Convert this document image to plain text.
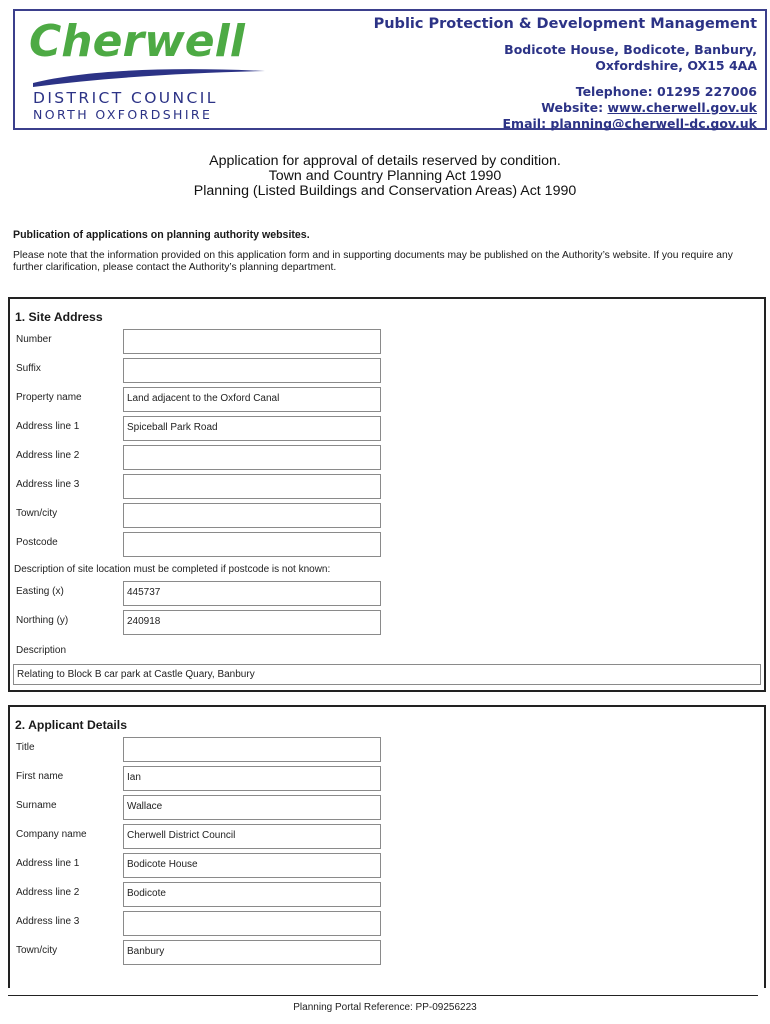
Cherwell
DISTRICT COUNCIL
NORTH OXFORDSHIRE
Public Protection & Development Management
Bodicote House, Bodicote, Banbury,
Oxfordshire, OX15 4AA
Telephone: 01295 227006
Website: www.cherwell.gov.uk
Email: planning@cherwell-dc.gov.uk
Application for approval of details reserved by condition.
Town and Country Planning Act 1990
Planning (Listed Buildings and Conservation Areas) Act 1990
Publication of applications on planning authority websites.
Please note that the information provided on this application form and in supporting documents may be published on the Authority’s website. If you require any further clarification, please contact the Authority’s planning department.
1. Site Address
Number
Suffix
Property name	Land adjacent to the Oxford Canal
Address line 1	Spiceball Park Road
Address line 2
Address line 3
Town/city
Postcode
Description of site location must be completed if postcode is not known:
Easting (x)	445737
Northing (y)	240918
Description
Relating to Block B car park at Castle Quary, Banbury
2. Applicant Details
Title
First name	Ian
Surname	Wallace
Company name	Cherwell District Council
Address line 1	Bodicote House
Address line 2	Bodicote
Address line 3
Town/city	Banbury
Planning Portal Reference: PP-09256223
